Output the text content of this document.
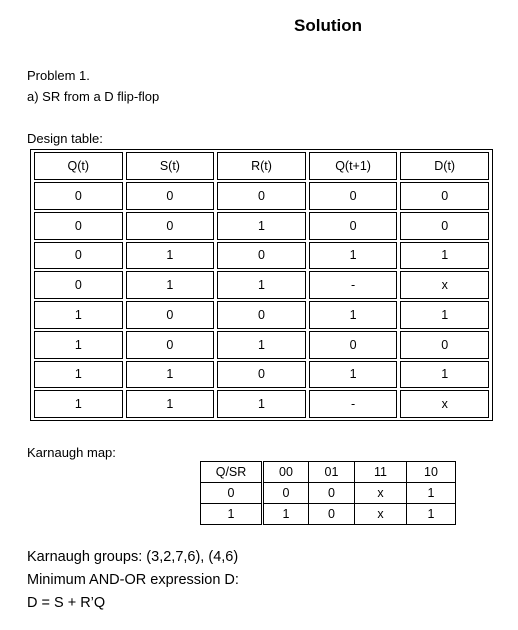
Solution
Problem 1.
a) SR from a D flip-flop
Design table:
Q(t)	S(t)	R(t)	Q(t+1)	D(t)
0	0	0	0	0
0	0	1	0	0
0	1	0	1	1
0	1	1	-	x
1	0	0	1	1
1	0	1	0	0
1	1	0	1	1
1	1	1	-	x
Karnaugh map:
Q/SR	00	01	11	10
0	0	0	x	1
1	1	0	x	1
Karnaugh groups: (3,2,7,6), (4,6)
Minimum AND-OR expression D:
D = S + R’Q
